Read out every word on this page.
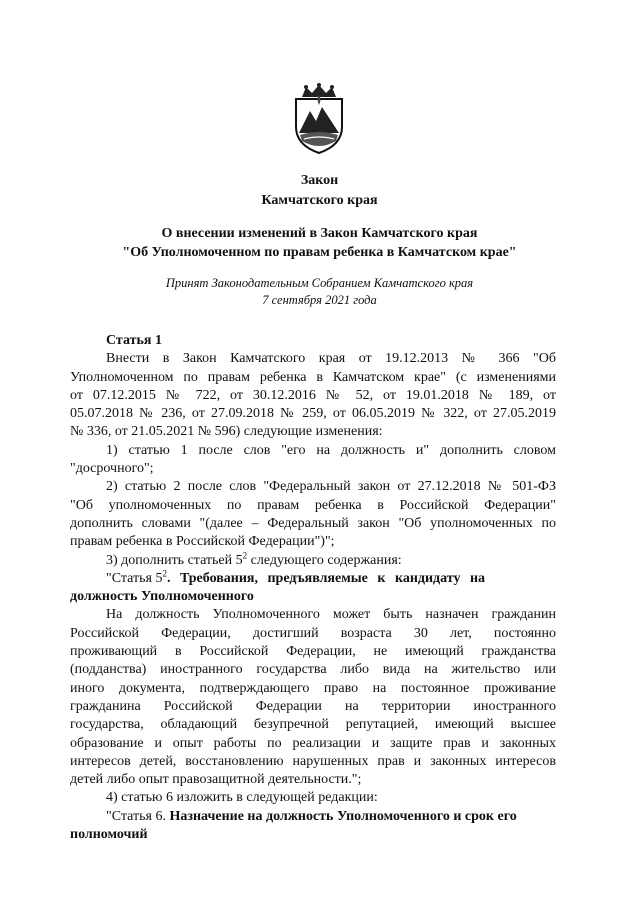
Закон
Камчатского края
О внесении изменений в Закон Камчатского края
"Об Уполномоченном по правам ребенка в Камчатском крае"
Принят Законодательным Собранием Камчатского края
7 сентября 2021 года
Статья 1
Внести в Закон Камчатского края от 19.12.2013 № 366 "Об
Уполномоченном по правам ребенка в Камчатском крае" (с изменениями
от 07.12.2015 № 722, от 30.12.2016 № 52, от 19.01.2018 № 189, от
05.07.2018 № 236, от 27.09.2018 № 259, от 06.05.2019 № 322, от 27.05.2019
№ 336, от 21.05.2021 № 596) следующие изменения:
1) статью 1 после слов "его на должность и" дополнить словом
"досрочного";
2) статью 2 после слов "Федеральный закон от 27.12.2018 № 501-ФЗ
"Об уполномоченных по правам ребенка в Российской Федерации"
дополнить словами "(далее – Федеральный закон "Об уполномоченных по
правам ребенка в Российской Федерации")";
3) дополнить статьей $5^2$ следующего содержания:
"Статья $5^2$. Требования, предъявляемые к кандидату на
должность Уполномоченного
На должность Уполномоченного может быть назначен гражданин
Российской Федерации, достигший возраста 30 лет, постоянно
проживающий в Российской Федерации, не имеющий гражданства
(подданства) иностранного государства либо вида на жительство или
иного документа, подтверждающего право на постоянное проживание
гражданина Российской Федерации на территории иностранного
государства, обладающий безупречной репутацией, имеющий высшее
образование и опыт работы по реализации и защите прав и законных
интересов детей, восстановлению нарушенных прав и законных интересов
детей либо опыт правозащитной деятельности.";
4) статью 6 изложить в следующей редакции:
"Статья 6. Назначение на должность Уполномоченного и срок его
полномочий
